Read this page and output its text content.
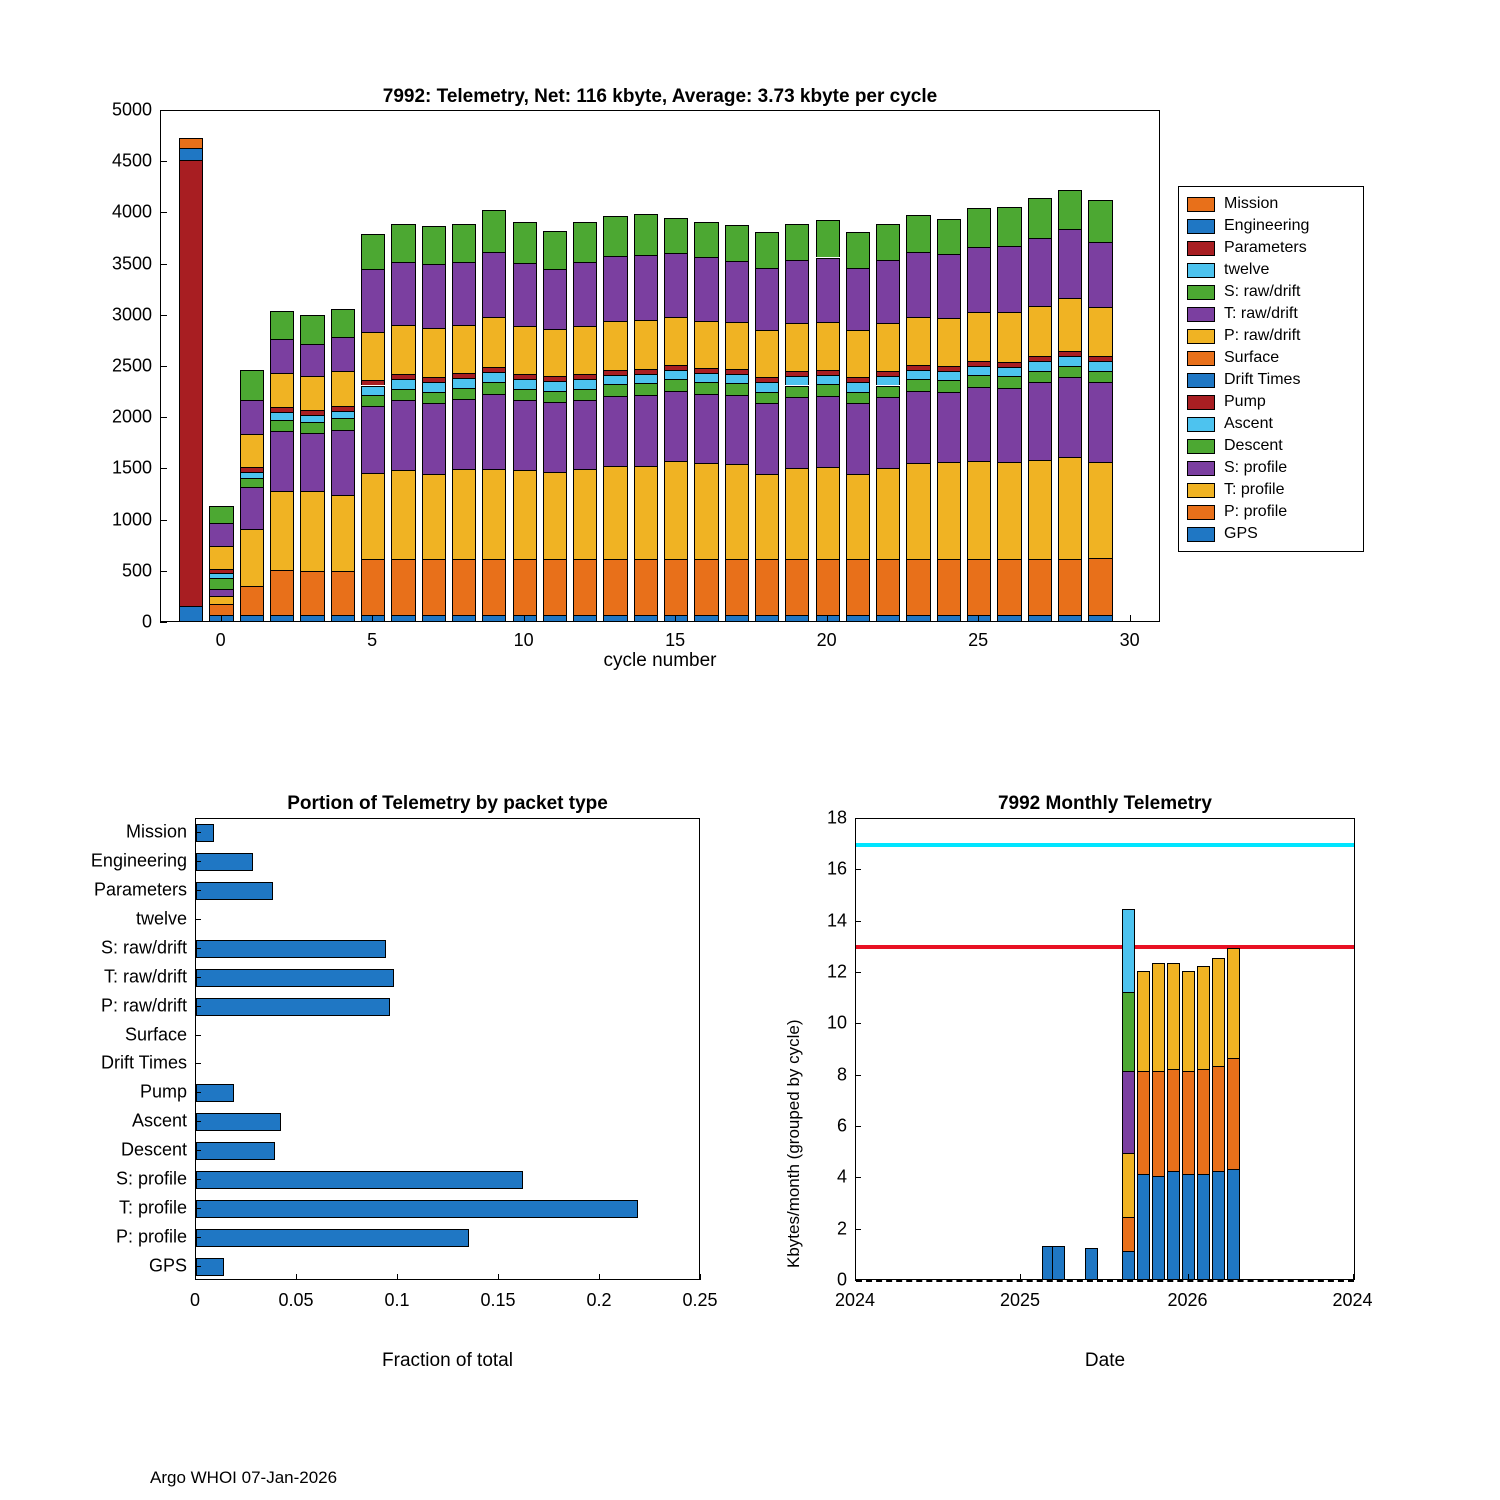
7992: Telemetry, Net: 116 kbyte, Average: 3.73 kbyte per cycle
cycle number
0
500
1000
1500
2000
2500
3000
3500
4000
4500
5000
0	5	10	15	20	25	30
Mission
Engineering
Parameters
twelve
S: raw/drift
T: raw/drift
P: raw/drift
Surface
Drift Times
Pump
Ascent
Descent
S: profile
T: profile
P: profile
GPS
Portion of Telemetry by packet type
Fraction of total
Mission
Engineering
Parameters
twelve
S: raw/drift
T: raw/drift
P: raw/drift
Surface
Drift Times
Pump
Ascent
Descent
S: profile
T: profile
P: profile
GPS
0	0.05	0.1	0.15	0.2	0.25
7992 Monthly Telemetry
Kbytes/month (grouped by cycle)
Date
0
2
4
6
8
10
12
14
16
18
2024	2025	2026	2024
Argo WHOI 07-Jan-2026
